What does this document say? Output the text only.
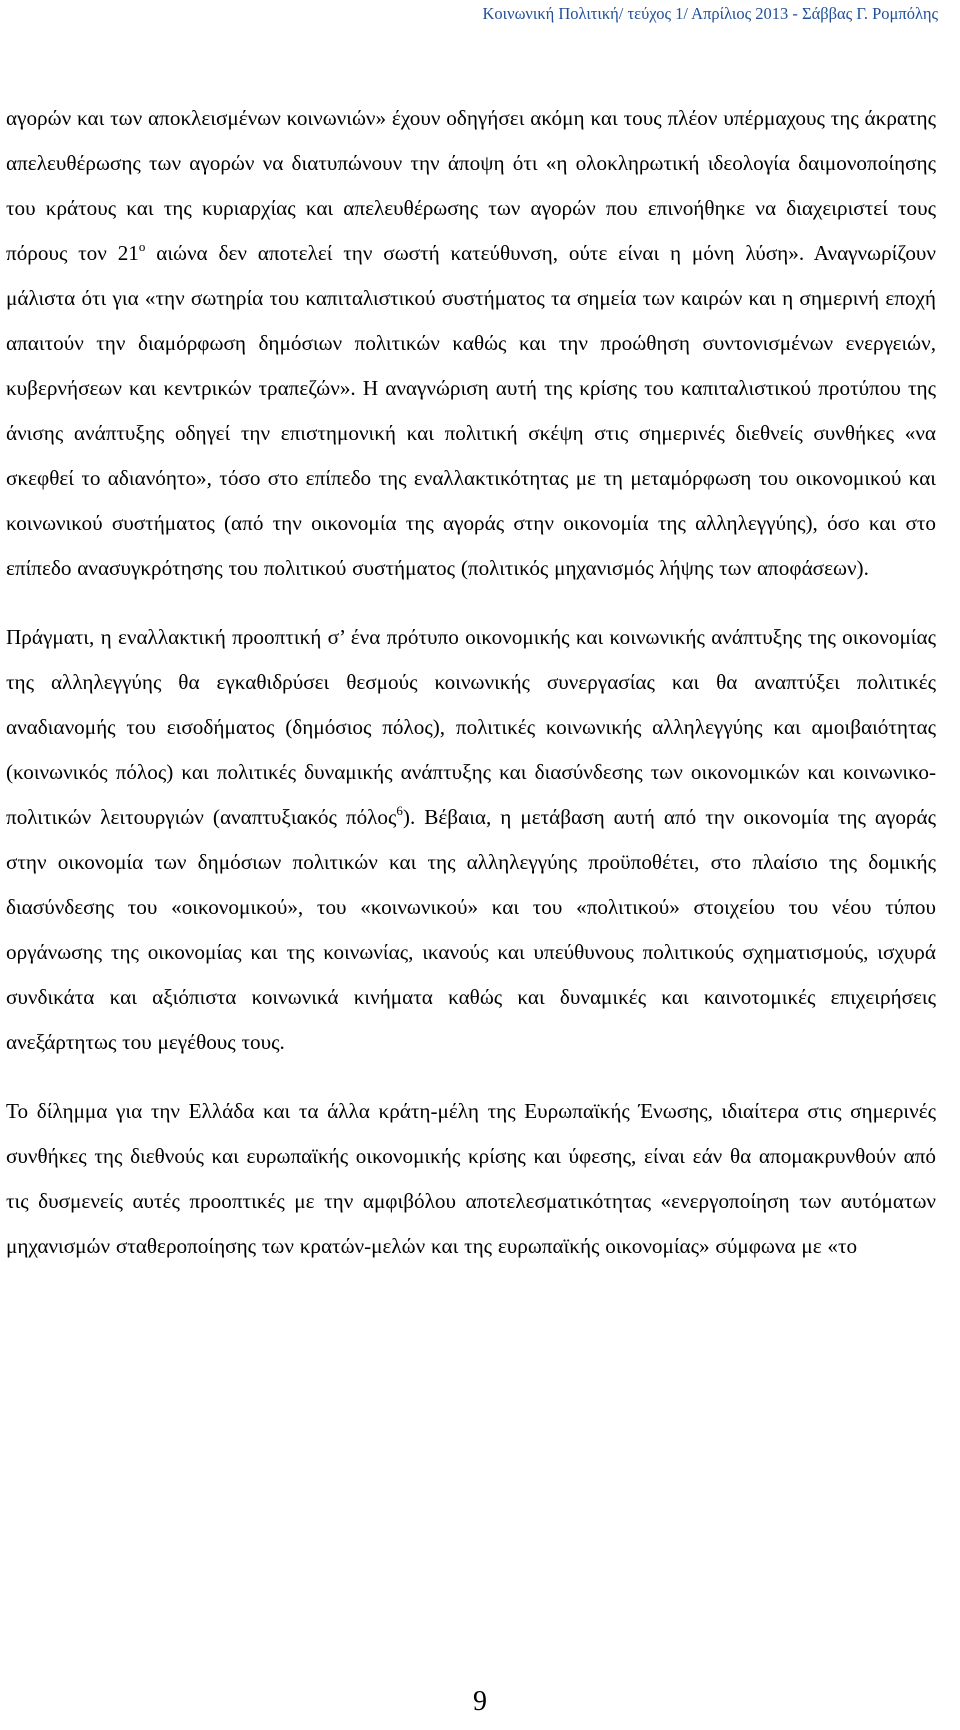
Κοινωνική Πολιτική/ τεύχος 1/ Απρίλιος 2013 - Σάββας Γ. Ρομπόλης

αγορών και των αποκλεισμένων κοινωνιών» έχουν οδηγήσει ακόμη και τους πλέον υπέρμαχους της άκρατης απελευθέρωσης των αγορών να διατυπώνουν την άποψη ότι «η ολοκληρωτική ιδεολογία δαιμονοποίησης του κράτους και της κυριαρχίας και απελευθέρωσης των αγορών που επινοήθηκε να διαχειριστεί τους πόρους τον $21^o$ αιώνα δεν αποτελεί την σωστή κατεύθυνση, ούτε είναι η μόνη λύση». Αναγνωρίζουν μάλιστα ότι για «την σωτηρία του καπιταλιστικού συστήματος τα σημεία των καιρών και η σημερινή εποχή απαιτούν την διαμόρφωση δημόσιων πολιτικών καθώς και την προώθηση συντονισμένων ενεργειών, κυβερνήσεων και κεντρικών τραπεζών». Η αναγνώριση αυτή της κρίσης του καπιταλιστικού προτύπου της άνισης ανάπτυξης οδηγεί την επιστημονική και πολιτική σκέψη στις σημερινές διεθνείς συνθήκες «να σκεφθεί το αδιανόητο», τόσο στο επίπεδο της εναλλακτικότητας με τη μεταμόρφωση του οικονομικού και κοινωνικού συστήματος (από την οικονομία της αγοράς στην οικονομία της αλληλεγγύης), όσο και στο επίπεδο ανασυγκρότησης του πολιτικού συστήματος (πολιτικός μηχανισμός λήψης των αποφάσεων).

Πράγματι, η εναλλακτική προοπτική σ’ ένα πρότυπο οικονομικής και κοινωνικής ανάπτυξης της οικονομίας της αλληλεγγύης θα εγκαθιδρύσει θεσμούς κοινωνικής συνεργασίας και θα αναπτύξει πολιτικές αναδιανομής του εισοδήματος (δημόσιος πόλος), πολιτικές κοινωνικής αλληλεγγύης και αμοιβαιότητας (κοινωνικός πόλος) και πολιτικές δυναμικής ανάπτυξης και διασύνδεσης των οικονομικών και κοινωνικο-πολιτικών λειτουργιών (αναπτυξιακός πόλος$^6$). Βέβαια, η μετάβαση αυτή από την οικονομία της αγοράς στην οικονομία των δημόσιων πολιτικών και της αλληλεγγύης προϋποθέτει, στο πλαίσιο της δομικής διασύνδεσης του «οικονομικού», του «κοινωνικού» και του «πολιτικού» στοιχείου του νέου τύπου οργάνωσης της οικονομίας και της κοινωνίας, ικανούς και υπεύθυνους πολιτικούς σχηματισμούς, ισχυρά συνδικάτα και αξιόπιστα κοινωνικά κινήματα καθώς και δυναμικές και καινοτομικές επιχειρήσεις ανεξάρτητως του μεγέθους τους.

Το δίλημμα για την Ελλάδα και τα άλλα κράτη-μέλη της Ευρωπαϊκής Ένωσης, ιδιαίτερα στις σημερινές συνθήκες της διεθνούς και ευρωπαϊκής οικονομικής κρίσης και ύφεσης, είναι εάν θα απομακρυνθούν από τις δυσμενείς αυτές προοπτικές με την αμφιβόλου αποτελεσματικότητας «ενεργοποίηση των αυτόματων μηχανισμών σταθεροποίησης των κρατών-μελών και της ευρωπαϊκής οικονομίας» σύμφωνα με «το

9
